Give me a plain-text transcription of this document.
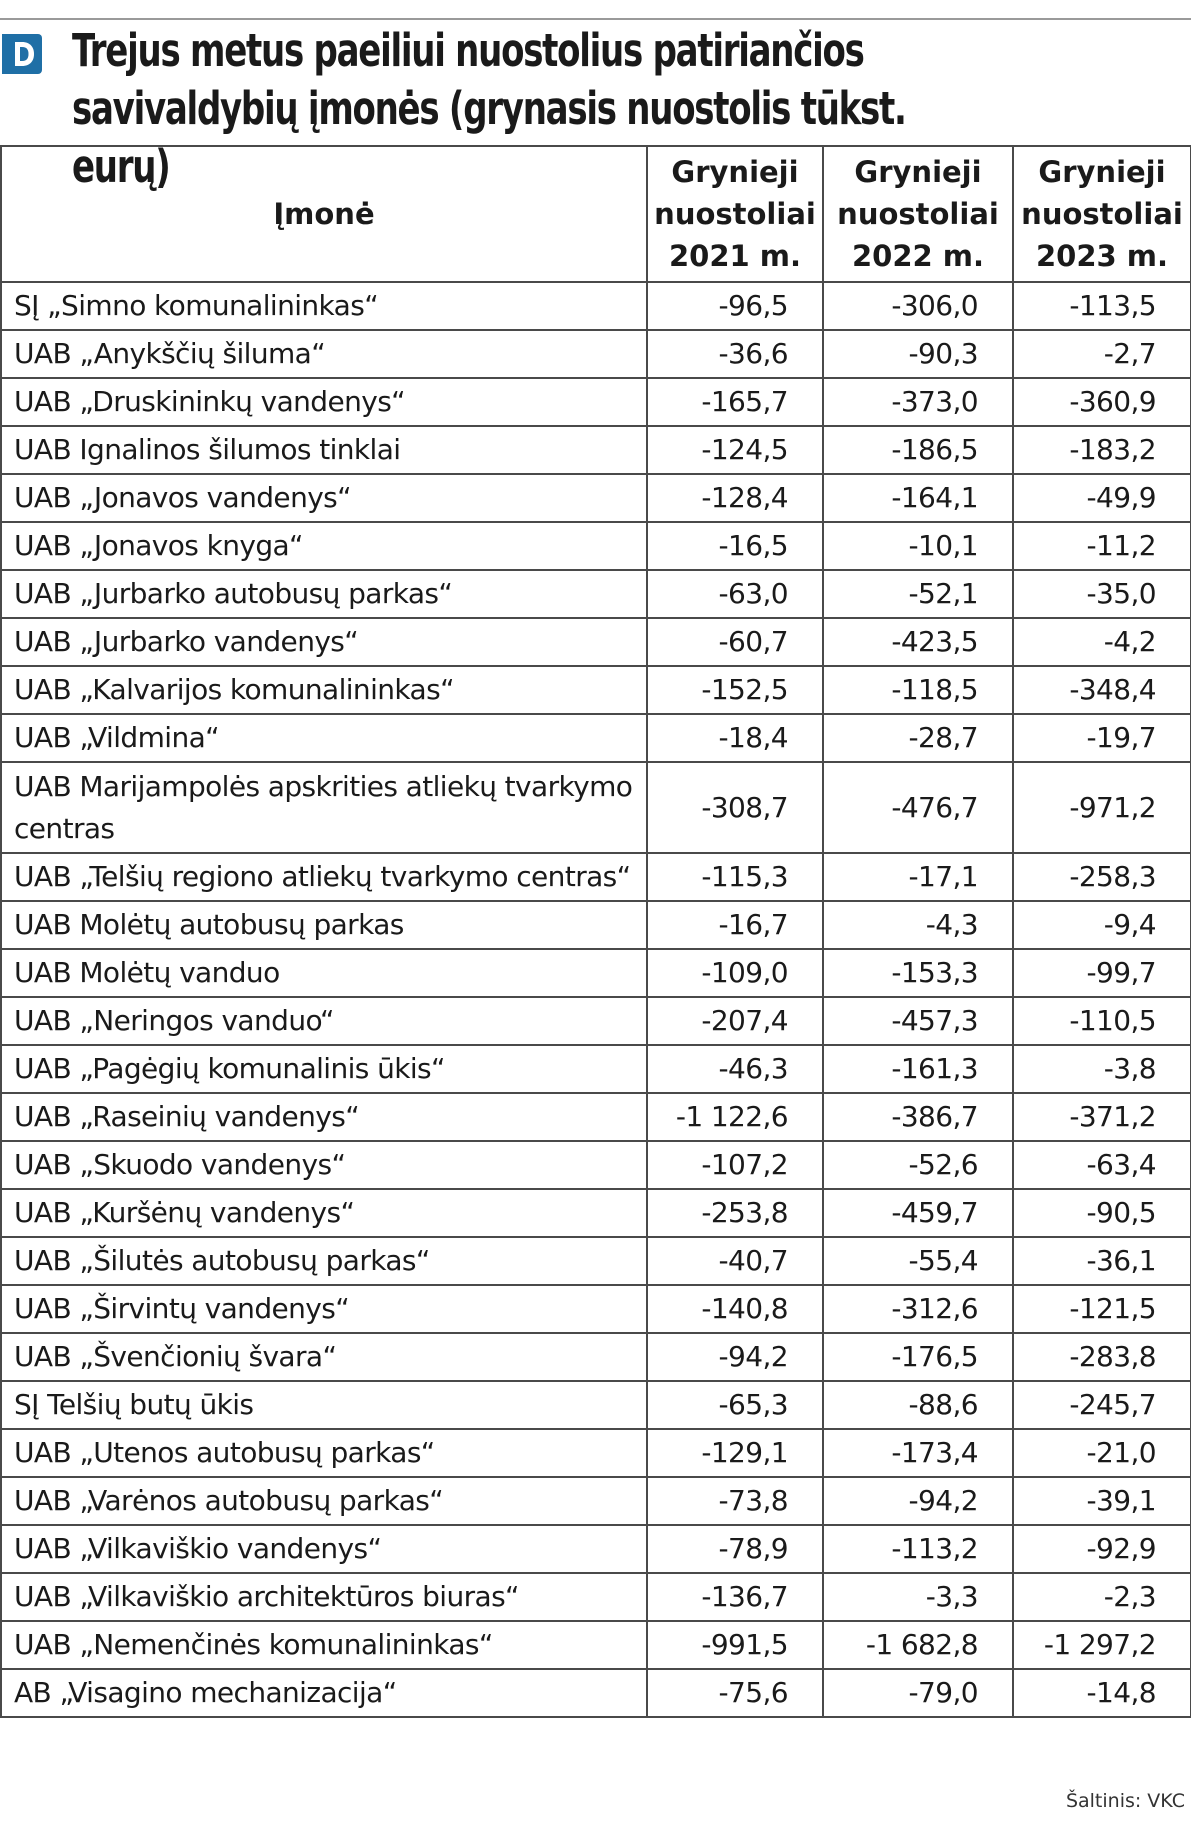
Trejus metus paeiliui nuostolius patiriančios savivaldybių įmonės (grynasis nuostolis tūkst. eurų)
Įmonė	Grynieji nuostoliai 2021 m.	Grynieji nuostoliai 2022 m.	Grynieji nuostoliai 2023 m.
SĮ „Simno komunalininkas“	-96,5	-306,0	-113,5
UAB „Anykščių šiluma“	-36,6	-90,3	-2,7
UAB „Druskininkų vandenys“	-165,7	-373,0	-360,9
UAB Ignalinos šilumos tinklai	-124,5	-186,5	-183,2
UAB „Jonavos vandenys“	-128,4	-164,1	-49,9
UAB „Jonavos knyga“	-16,5	-10,1	-11,2
UAB „Jurbarko autobusų parkas“	-63,0	-52,1	-35,0
UAB „Jurbarko vandenys“	-60,7	-423,5	-4,2
UAB „Kalvarijos komunalininkas“	-152,5	-118,5	-348,4
UAB „Vildmina“	-18,4	-28,7	-19,7
UAB Marijampolės apskrities atliekų tvarkymo centras	-308,7	-476,7	-971,2
UAB „Telšių regiono atliekų tvarkymo centras“	-115,3	-17,1	-258,3
UAB Molėtų autobusų parkas	-16,7	-4,3	-9,4
UAB Molėtų vanduo	-109,0	-153,3	-99,7
UAB „Neringos vanduo“	-207,4	-457,3	-110,5
UAB „Pagėgių komunalinis ūkis“	-46,3	-161,3	-3,8
UAB „Raseinių vandenys“	-1 122,6	-386,7	-371,2
UAB „Skuodo vandenys“	-107,2	-52,6	-63,4
UAB „Kuršėnų vandenys“	-253,8	-459,7	-90,5
UAB „Šilutės autobusų parkas“	-40,7	-55,4	-36,1
UAB „Širvintų vandenys“	-140,8	-312,6	-121,5
UAB „Švenčionių švara“	-94,2	-176,5	-283,8
SĮ Telšių butų ūkis	-65,3	-88,6	-245,7
UAB „Utenos autobusų parkas“	-129,1	-173,4	-21,0
UAB „Varėnos autobusų parkas“	-73,8	-94,2	-39,1
UAB „Vilkaviškio vandenys“	-78,9	-113,2	-92,9
UAB „Vilkaviškio architektūros biuras“	-136,7	-3,3	-2,3
UAB „Nemenčinės komunalininkas“	-991,5	-1 682,8	-1 297,2
AB „Visagino mechanizacija“	-75,6	-79,0	-14,8
Šaltinis: VKC
